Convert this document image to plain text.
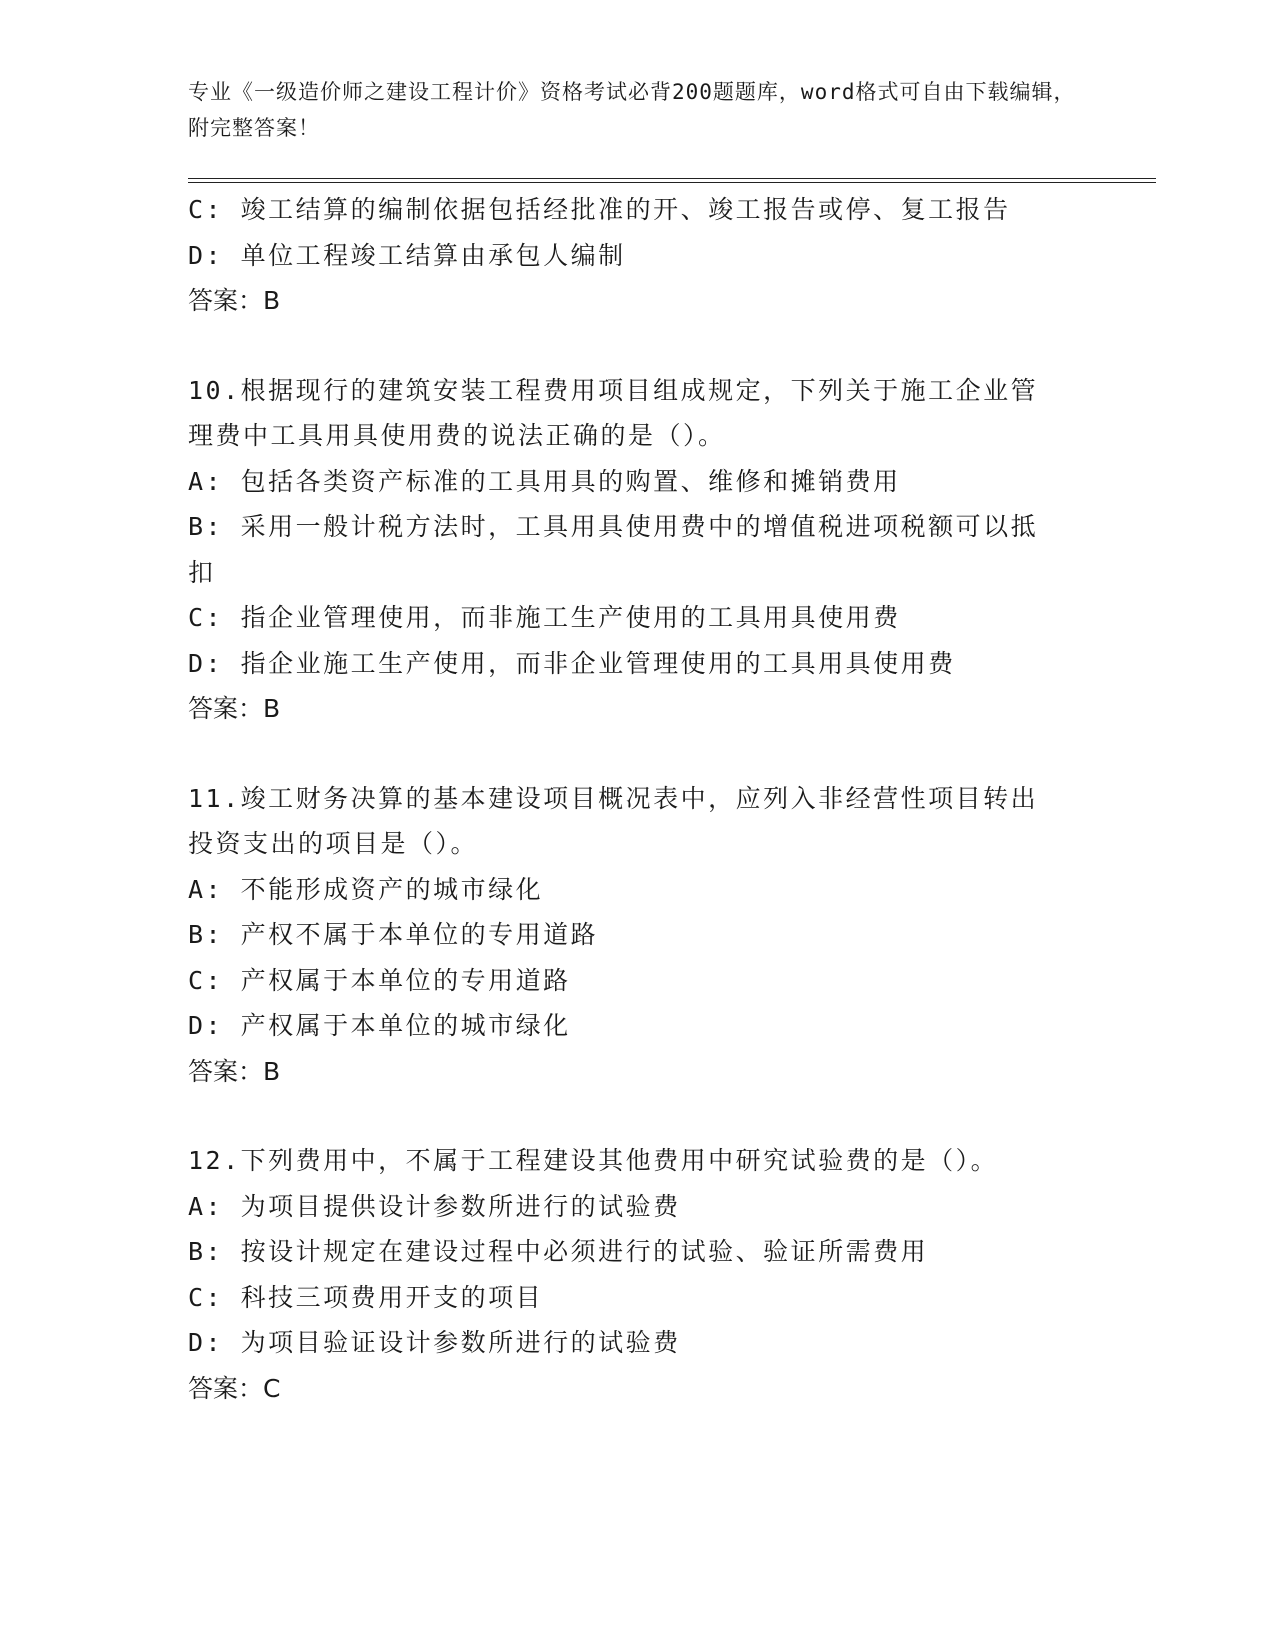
专业《一级造价师之建设工程计价》资格考试必背200题题库，word格式可自由下载编辑，附完整答案！
C: 竣工结算的编制依据包括经批准的开、竣工报告或停、复工报告
D: 单位工程竣工结算由承包人编制
答案：B
10.根据现行的建筑安装工程费用项目组成规定，下列关于施工企业管
理费中工具用具使用费的说法正确的是（）。
A: 包括各类资产标准的工具用具的购置、维修和摊销费用
B: 采用一般计税方法时，工具用具使用费中的增值税进项税额可以抵
扣
C: 指企业管理使用，而非施工生产使用的工具用具使用费
D: 指企业施工生产使用，而非企业管理使用的工具用具使用费
答案：B
11.竣工财务决算的基本建设项目概况表中，应列入非经营性项目转出
投资支出的项目是（）。
A: 不能形成资产的城市绿化
B: 产权不属于本单位的专用道路
C: 产权属于本单位的专用道路
D: 产权属于本单位的城市绿化
答案：B
12.下列费用中，不属于工程建设其他费用中研究试验费的是（）。
A: 为项目提供设计参数所进行的试验费
B: 按设计规定在建设过程中必须进行的试验、验证所需费用
C: 科技三项费用开支的项目
D: 为项目验证设计参数所进行的试验费
答案：C
